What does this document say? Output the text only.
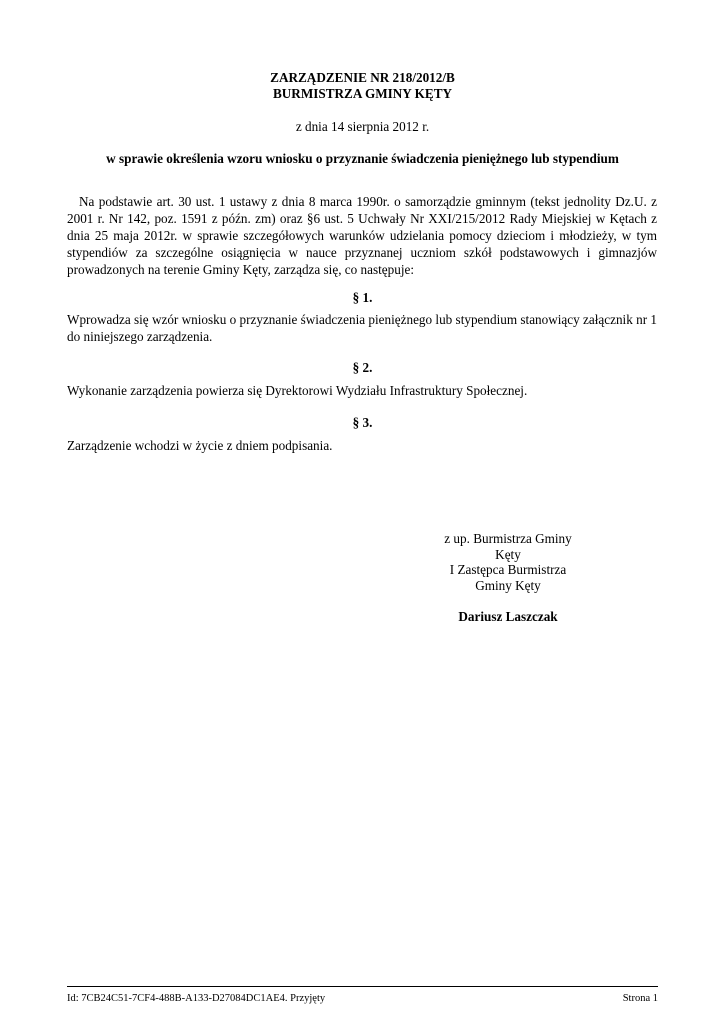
ZARZĄDZENIE NR 218/2012/B
BURMISTRZA GMINY KĘTY
z dnia 14 sierpnia 2012 r.
w sprawie określenia wzoru wniosku o przyznanie świadczenia pieniężnego lub stypendium
Na podstawie art. 30 ust. 1 ustawy z dnia 8 marca 1990r. o samorządzie gminnym (tekst jednolity Dz.U. z 2001 r. Nr 142, poz. 1591 z późn. zm) oraz §6 ust. 5 Uchwały Nr XXI/215/2012 Rady Miejskiej w Kętach z dnia 25 maja 2012r. w sprawie szczegółowych warunków udzielania pomocy dzieciom i młodzieży, w tym stypendiów za szczególne osiągnięcia w nauce przyznanej uczniom szkół podstawowych i gimnazjów prowadzonych na terenie Gminy Kęty, zarządza się, co następuje:
§ 1.
Wprowadza się wzór wniosku o przyznanie świadczenia pieniężnego lub stypendium stanowiący załącznik nr 1 do niniejszego zarządzenia.
§ 2.
Wykonanie zarządzenia powierza się Dyrektorowi Wydziału Infrastruktury Społecznej.
§ 3.
Zarządzenie wchodzi w życie z dniem podpisania.
z up. Burmistrza Gminy
Kęty
I Zastępca Burmistrza
Gminy Kęty
Dariusz Laszczak
Id: 7CB24C51-7CF4-488B-A133-D27084DC1AE4. Przyjęty	Strona 1
